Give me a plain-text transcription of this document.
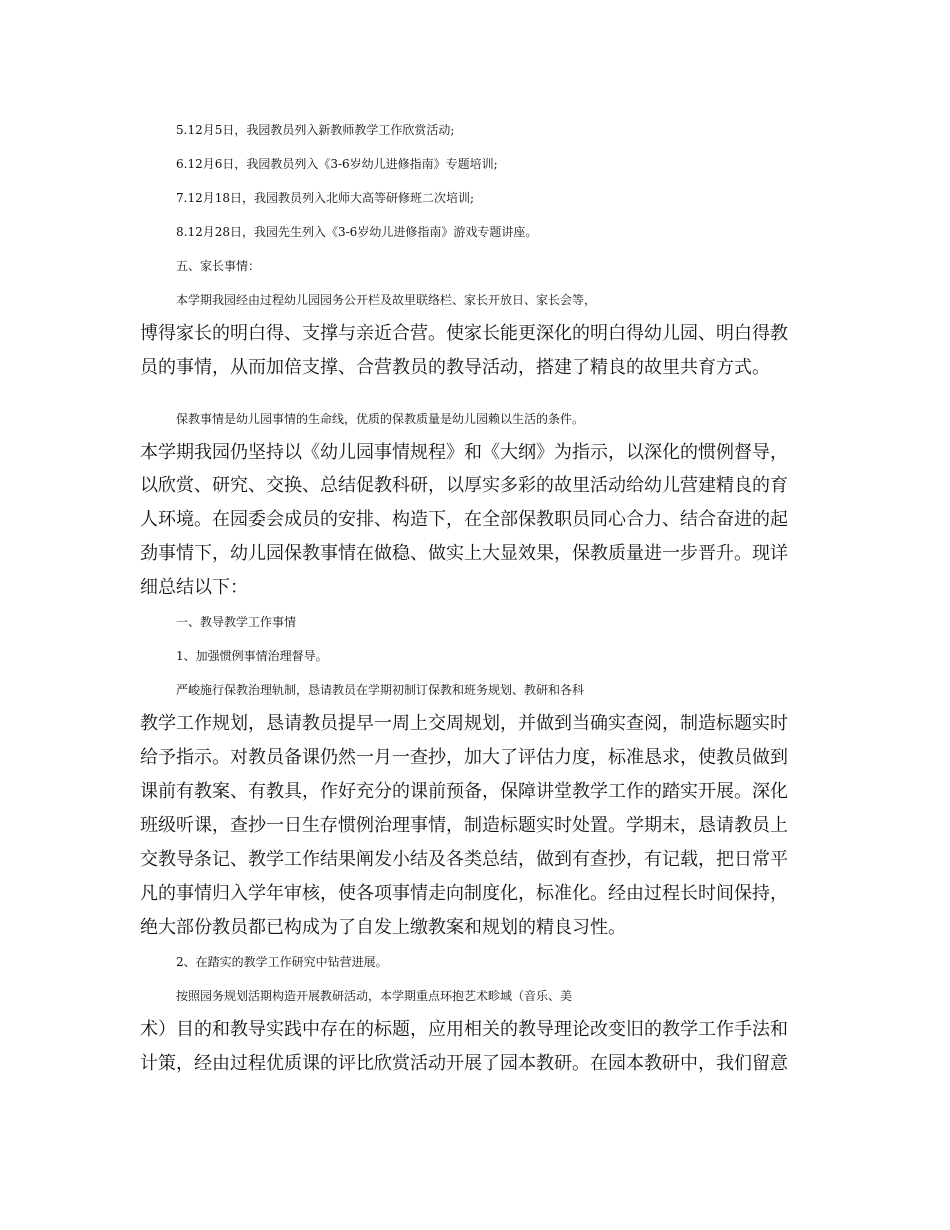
5.12月5日，我园教员列入新教师教学工作欣赏活动;
6.12月6日，我园教员列入《3-6岁幼儿进修指南》专题培训;
7.12月18日，我园教员列入北师大高等研修班二次培训;
8.12月28日，我园先生列入《3-6岁幼儿进修指南》游戏专题讲座。
五、家长事情：
本学期我园经由过程幼儿园园务公开栏及故里联络栏、家长开放日、家长会等，
博得家长的明白得、支撑与亲近合营。使家长能更深化的明白得幼儿园、明白得教
员的事情，从而加倍支撑、合营教员的教导活动，搭建了精良的故里共育方式。
保教事情是幼儿园事情的生命线，优质的保教质量是幼儿园赖以生活的条件。
本学期我园仍坚持以《幼儿园事情规程》和《大纲》为指示，以深化的惯例督导，
以欣赏、研究、交换、总结促教科研，以厚实多彩的故里活动给幼儿营建精良的育
人环境。在园委会成员的安排、构造下，在全部保教职员同心合力、结合奋进的起
劲事情下，幼儿园保教事情在做稳、做实上大显效果，保教质量进一步晋升。现详
细总结以下：
一、教导教学工作事情
1、加强惯例事情治理督导。
严峻施行保教治理轨制，恳请教员在学期初制订保教和班务规划、教研和各科
教学工作规划，恳请教员提早一周上交周规划，并做到当确实查阅，制造标题实时
给予指示。对教员备课仍然一月一查抄，加大了评估力度，标准恳求，使教员做到
课前有教案、有教具，作好充分的课前预备，保障讲堂教学工作的踏实开展。深化
班级听课，查抄一日生存惯例治理事情，制造标题实时处置。学期末，恳请教员上
交教导条记、教学工作结果阐发小结及各类总结，做到有查抄，有记载，把日常平
凡的事情归入学年审核，使各项事情走向制度化，标准化。经由过程长时间保持，
绝大部份教员都已构成为了自发上缴教案和规划的精良习性。
2、在踏实的教学工作研究中钻营进展。
按照园务规划活期构造开展教研活动，本学期重点环抱艺术畛域（音乐、美
术）目的和教导实践中存在的标题，应用相关的教导理论改变旧的教学工作手法和
计策，经由过程优质课的评比欣赏活动开展了园本教研。在园本教研中，我们留意
